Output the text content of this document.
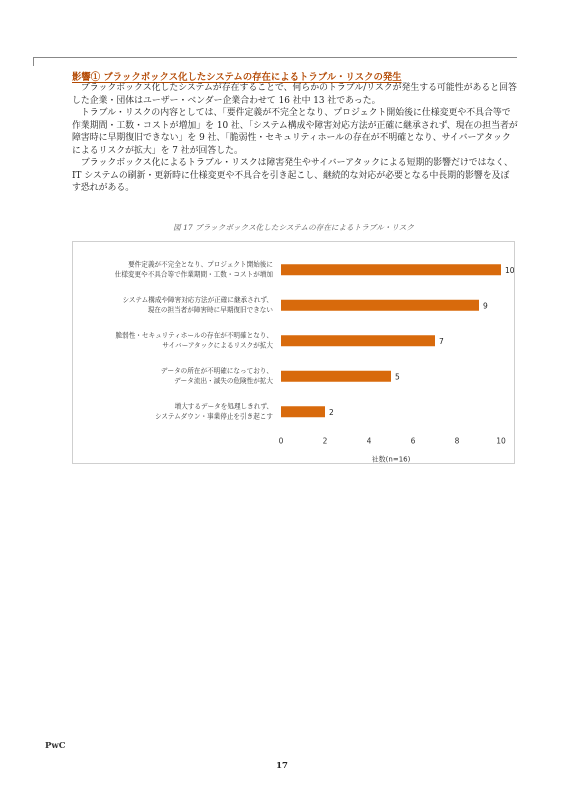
影響① ブラックボックス化したシステムの存在によるトラブル・リスクの発生

ブラックボックス化したシステムが存在することで、何らかのトラブル/リスクが発生する可能性があると回答した企業・団体はユーザー・ベンダー企業合わせて 16 社中 13 社であった。

トラブル・リスクの内容としては、「要件定義が不完全となり、プロジェクト開始後に仕様変更や不具合等で作業期間・工数・コストが増加」を 10 社、「システム構成や障害対応方法が正確に継承されず、現在の担当者が障害時に早期復旧できない」を 9 社、「脆弱性・セキュリティホールの存在が不明確となり、サイバーアタックによるリスクが拡大」を 7 社が回答した。

ブラックボックス化によるトラブル・リスクは障害発生やサイバーアタックによる短期的影響だけではなく、IT システムの刷新・更新時に仕様変更や不具合を引き起こし、継続的な対応が必要となる中長期的影響を及ぼす恐れがある。

図 17 ブラックボックス化したシステムの存在によるトラブル・リスク
10
要件定義が不完全となり、プロジェクト開始後に
仕様変更や不具合等で作業期間・工数・コストが増加
9
システム構成や障害対応方法が正確に継承されず、
現在の担当者が障害時に早期復旧できない
7
脆弱性・セキュリティホールの存在が不明確となり、
サイバーアタックによるリスクが拡大
5
データの所在が不明確になっており、
データ流出・滅失の危険性が拡大
2
増大するデータを処理しきれず、
システムダウン・事業停止を引き起こす
0	2	4	6	8	10
社数(n=16)
PwC
17
